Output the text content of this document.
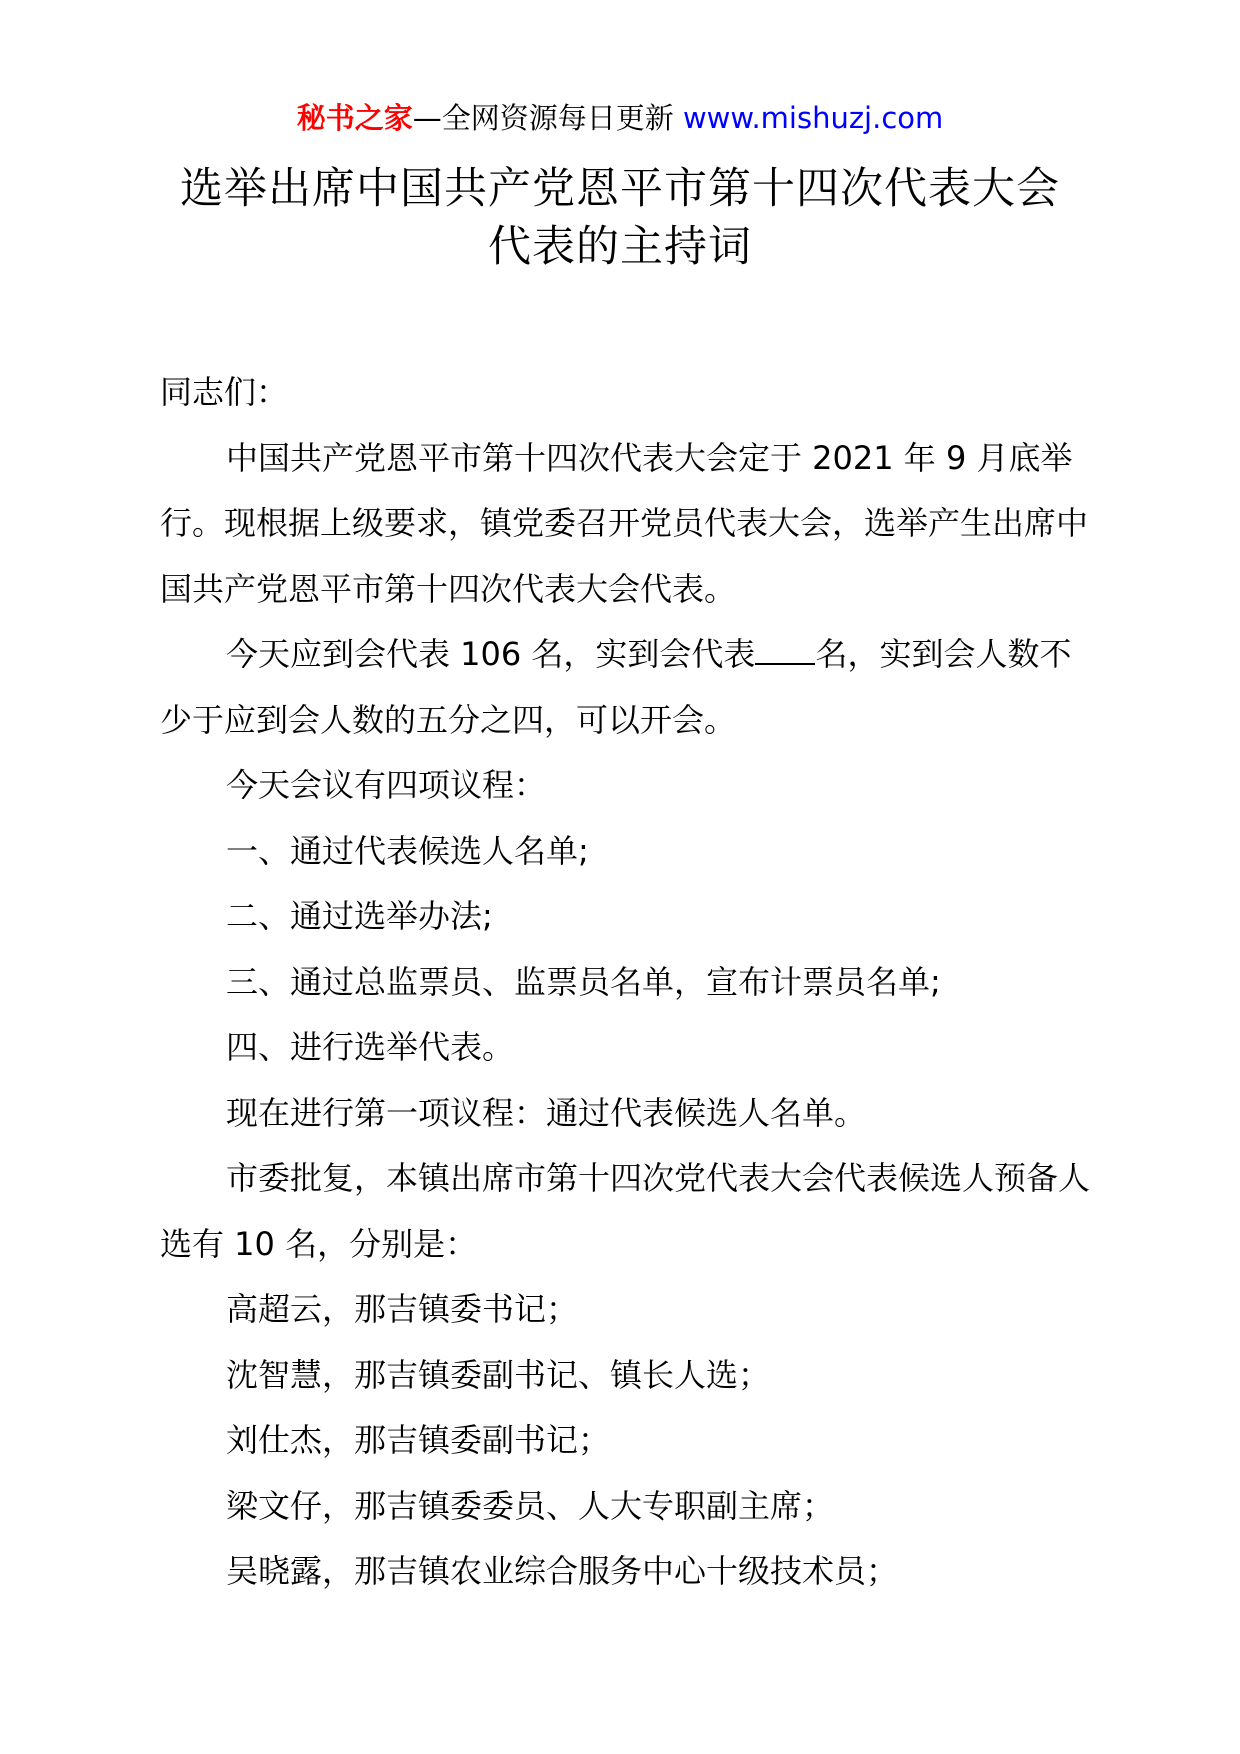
秘书之家—全网资源每日更新 www.mishuzj.com
选举出席中国共产党恩平市第十四次代表大会
代表的主持词

同志们：

中国共产党恩平市第十四次代表大会定于 2021 年 9 月底举行。现根据上级要求，镇党委召开党员代表大会，选举产生出席中国共产党恩平市第十四次代表大会代表。

今天应到会代表 106 名，实到会代表 名，实到会人数不少于应到会人数的五分之四，可以开会。

今天会议有四项议程：

一、通过代表候选人名单;

二、通过选举办法;

三、通过总监票员、监票员名单，宣布计票员名单;

四、进行选举代表。

现在进行第一项议程：通过代表候选人名单。

市委批复，本镇出席市第十四次党代表大会代表候选人预备人选有 10 名，分别是：

高超云，那吉镇委书记；

沈智慧，那吉镇委副书记、镇长人选；

刘仕杰，那吉镇委副书记；

梁文仔，那吉镇委委员、人大专职副主席；

吴晓露，那吉镇农业综合服务中心十级技术员；
